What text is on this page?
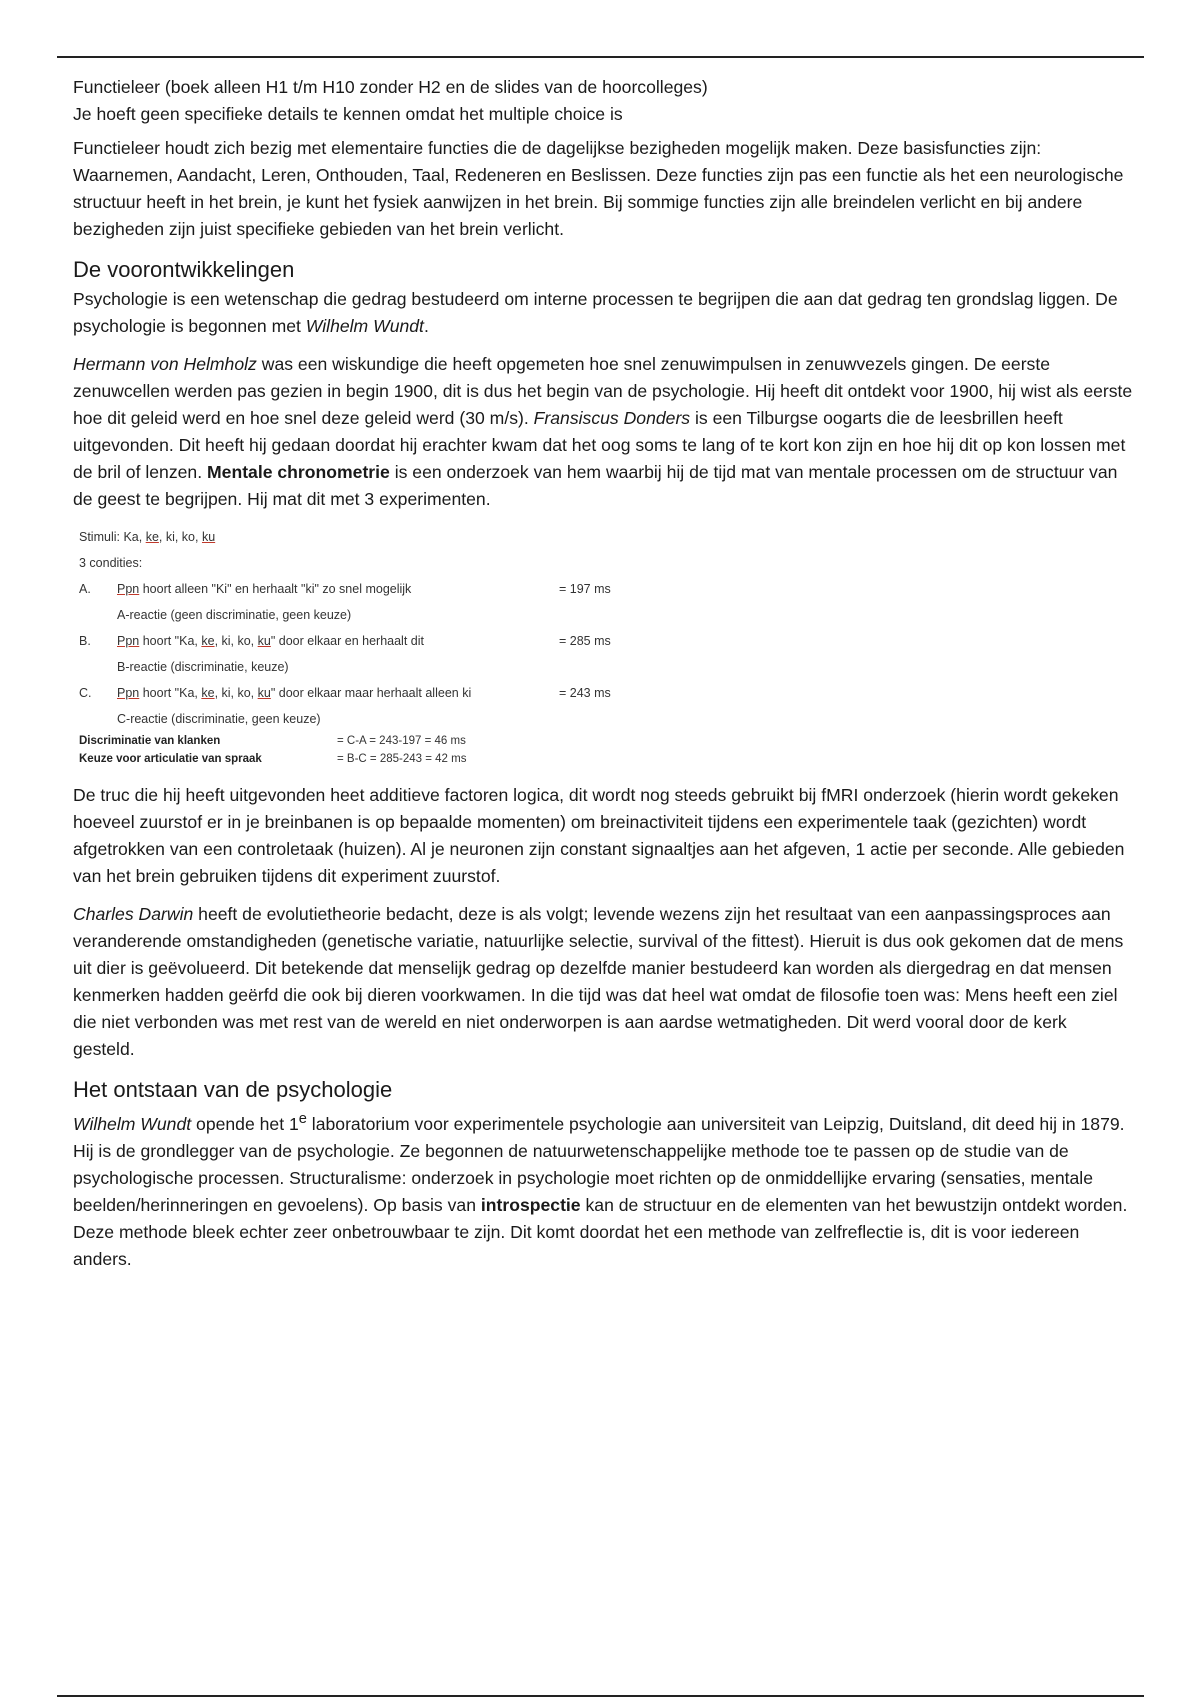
Functieleer (boek alleen H1 t/m H10 zonder H2 en de slides van de hoorcolleges)
Je hoeft geen specifieke details te kennen omdat het multiple choice is

Functieleer houdt zich bezig met elementaire functies die de dagelijkse bezigheden mogelijk maken. Deze basisfuncties zijn: Waarnemen, Aandacht, Leren, Onthouden, Taal, Redeneren en Beslissen. Deze functies zijn pas een functie als het een neurologische structuur heeft in het brein, je kunt het fysiek aanwijzen in het brein. Bij sommige functies zijn alle breindelen verlicht en bij andere bezigheden zijn juist specifieke gebieden van het brein verlicht.

De voorontwikkelingen

Psychologie is een wetenschap die gedrag bestudeerd om interne processen te begrijpen die aan dat gedrag ten grondslag liggen. De psychologie is begonnen met Wilhelm Wundt.

Hermann von Helmholz was een wiskundige die heeft opgemeten hoe snel zenuwimpulsen in zenuwvezels gingen. De eerste zenuwcellen werden pas gezien in begin 1900, dit is dus het begin van de psychologie. Hij heeft dit ontdekt voor 1900, hij wist als eerste hoe dit geleid werd en hoe snel deze geleid werd (30 m/s). Fransiscus Donders is een Tilburgse oogarts die de leesbrillen heeft uitgevonden. Dit heeft hij gedaan doordat hij erachter kwam dat het oog soms te lang of te kort kon zijn en hoe hij dit op kon lossen met de bril of lenzen. Mentale chronometrie is een onderzoek van hem waarbij hij de tijd mat van mentale processen om de structuur van de geest te begrijpen. Hij mat dit met 3 experimenten.

Stimuli: Ka, ke, ki, ko, ku
3 condities:
A. Ppn hoort alleen "Ki" en herhaalt "ki" zo snel mogelijk	= 197 ms
A-reactie (geen discriminatie, geen keuze)
B. Ppn hoort "Ka, ke, ki, ko, ku" door elkaar en herhaalt dit	= 285 ms
B-reactie (discriminatie, keuze)
C. Ppn hoort "Ka, ke, ki, ko, ku" door elkaar maar herhaalt alleen ki	= 243 ms
C-reactie (discriminatie, geen keuze)
Discriminatie van klanken	= C-A = 243-197 = 46 ms
Keuze voor articulatie van spraak	= B-C = 285-243 = 42 ms

De truc die hij heeft uitgevonden heet additieve factoren logica, dit wordt nog steeds gebruikt bij fMRI onderzoek (hierin wordt gekeken hoeveel zuurstof er in je breinbanen is op bepaalde momenten) om breinactiviteit tijdens een experimentele taak (gezichten) wordt afgetrokken van een controletaak (huizen). Al je neuronen zijn constant signaaltjes aan het afgeven, 1 actie per seconde. Alle gebieden van het brein gebruiken tijdens dit experiment zuurstof.

Charles Darwin heeft de evolutietheorie bedacht, deze is als volgt; levende wezens zijn het resultaat van een aanpassingsproces aan veranderende omstandigheden (genetische variatie, natuurlijke selectie, survival of the fittest). Hieruit is dus ook gekomen dat de mens uit dier is geëvolueerd. Dit betekende dat menselijk gedrag op dezelfde manier bestudeerd kan worden als diergedrag en dat mensen kenmerken hadden geërfd die ook bij dieren voorkwamen. In die tijd was dat heel wat omdat de filosofie toen was: Mens heeft een ziel die niet verbonden was met rest van de wereld en niet onderworpen is aan aardse wetmatigheden. Dit werd vooral door de kerk gesteld.

Het ontstaan van de psychologie

Wilhelm Wundt opende het 1e laboratorium voor experimentele psychologie aan universiteit van Leipzig, Duitsland, dit deed hij in 1879. Hij is de grondlegger van de psychologie. Ze begonnen de natuurwetenschappelijke methode toe te passen op de studie van de psychologische processen. Structuralisme: onderzoek in psychologie moet richten op de onmiddellijke ervaring (sensaties, mentale beelden/herinneringen en gevoelens). Op basis van introspectie kan de structuur en de elementen van het bewustzijn ontdekt worden. Deze methode bleek echter zeer onbetrouwbaar te zijn. Dit komt doordat het een methode van zelfreflectie is, dit is voor iedereen anders.
